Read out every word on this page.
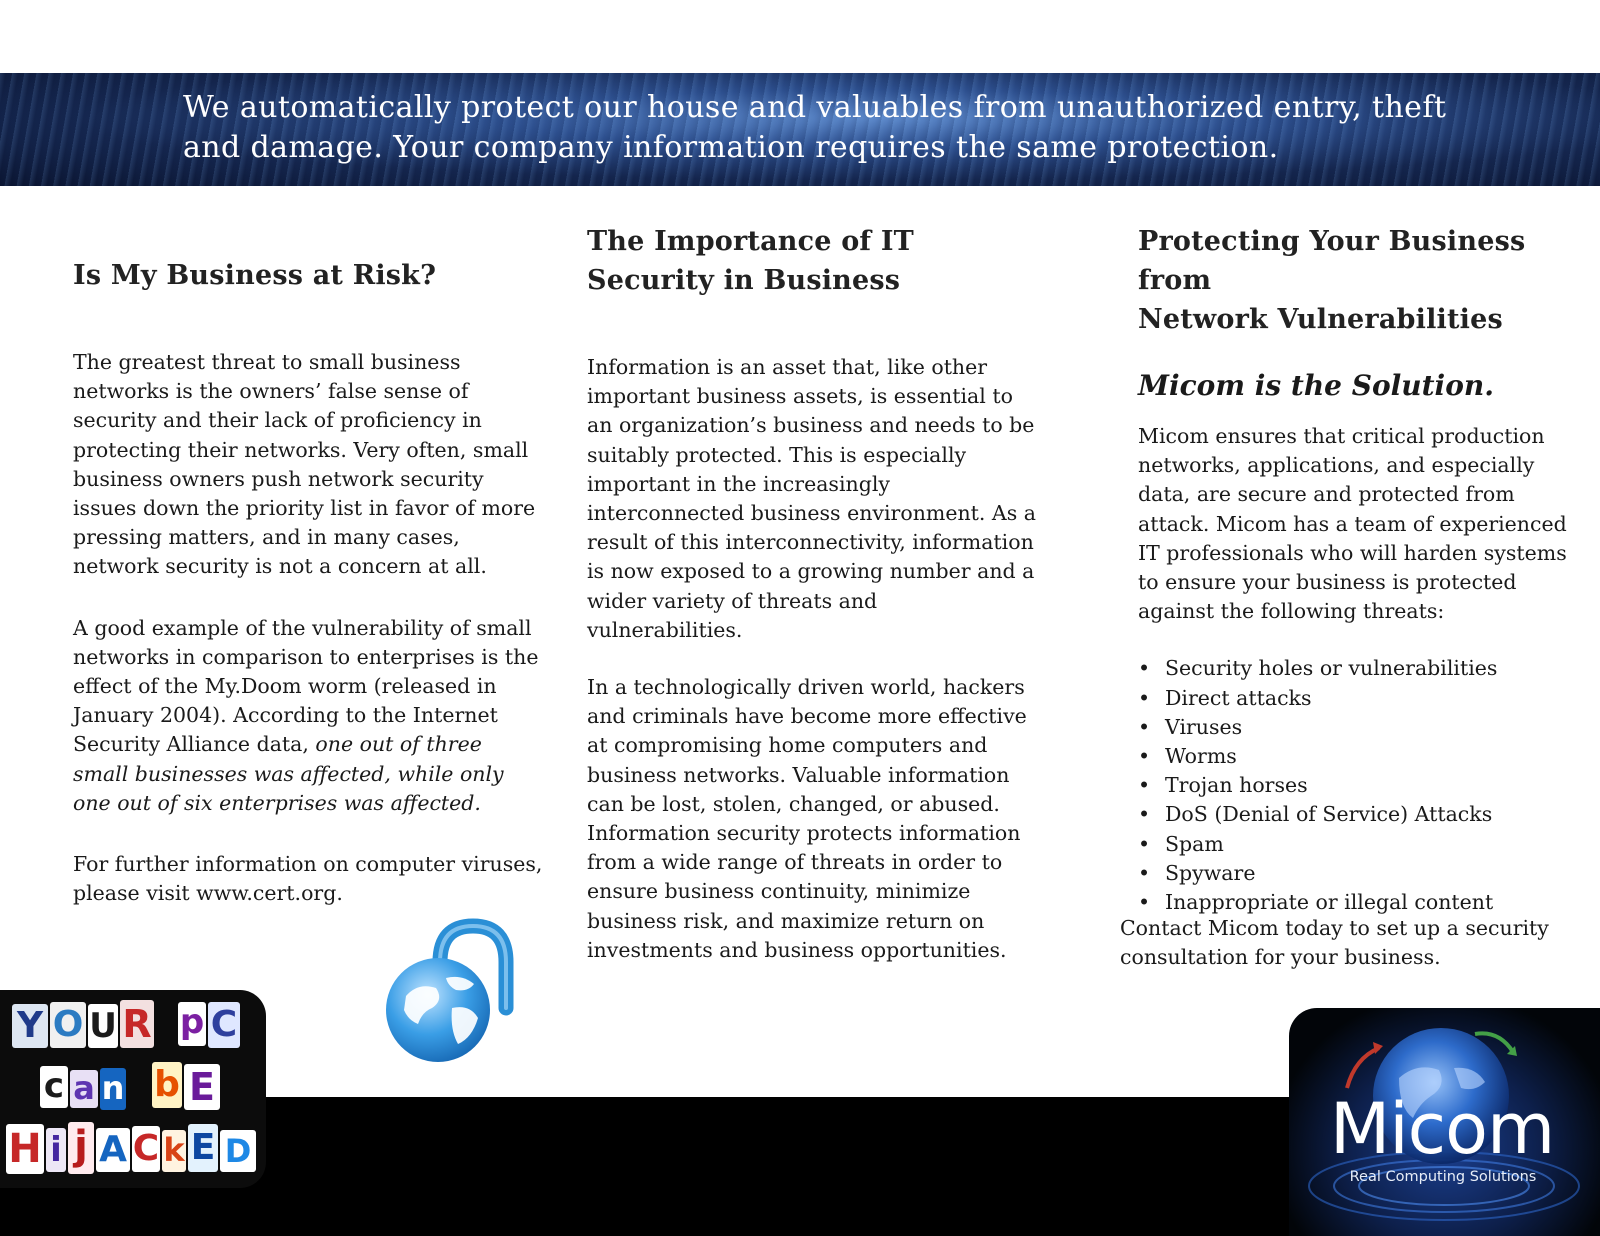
We automatically protect our house and valuables from unauthorized entry, theft
and damage. Your company information requires the same protection.
Is My Business at Risk?

The greatest threat to small business networks is the owners’ false sense of security and their lack of proficiency in protecting their networks. Very often, small business owners push network security issues down the priority list in favor of more pressing matters, and in many cases, network security is not a concern at all.

A good example of the vulnerability of small networks in comparison to enterprises is the effect of the My.Doom worm (released in January 2004). According to the Internet Security Alliance data, one out of three small businesses was affected, while only one out of six enterprises was affected.

For further information on computer viruses, please visit www.cert.org.

The Importance of IT
Security in Business

Information is an asset that, like other important business assets, is essential to an organization’s business and needs to be suitably protected. This is especially important in the increasingly interconnected business environment. As a result of this interconnectivity, information is now exposed to a growing number and a wider variety of threats and vulnerabilities.

In a technologically driven world, hackers and criminals have become more effective at compromising home computers and business networks. Valuable information can be lost, stolen, changed, or abused. Information security protects information from a wide range of threats in order to ensure business continuity, minimize business risk, and maximize return on investments and business opportunities.

Protecting Your Business from
Network Vulnerabilities
Micom is the Solution.

Micom ensures that critical production networks, applications, and especially data, are secure and protected from attack. Micom has a team of experienced IT professionals who will harden systems to ensure your business is protected against the following threats:

• Security holes or vulnerabilities
• Direct attacks
• Viruses
• Worms
• Trojan horses
• DoS (Denial of Service) Attacks
• Spam
• Spyware
• Inappropriate or illegal content

Contact Micom today to set up a security consultation for your business.

Y O U R p C
c a n b E
H i j A C k E D	Micom
Real Computing Solutions
